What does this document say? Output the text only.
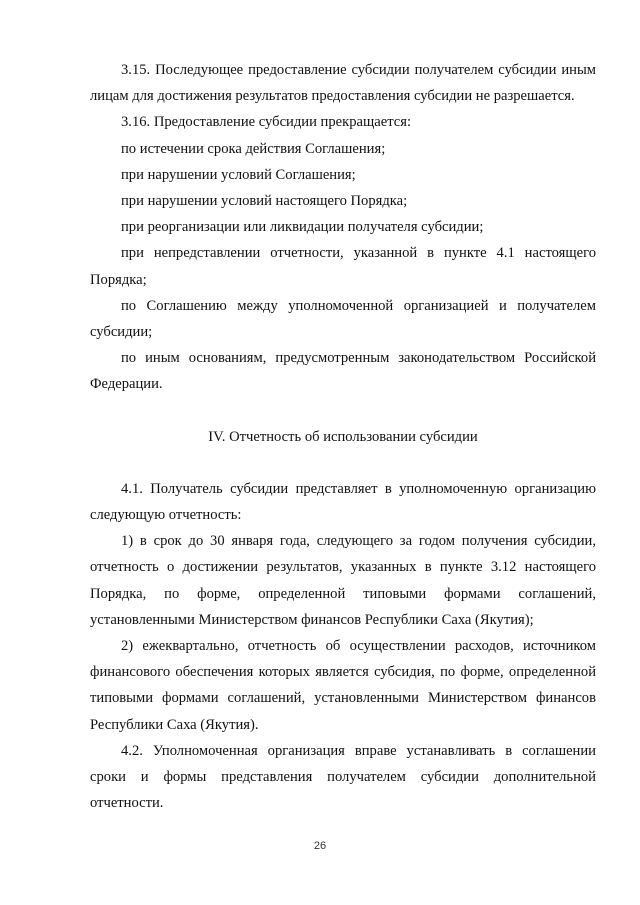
3.15. Последующее предоставление субсидии получателем субсидии иным лицам для достижения результатов предоставления субсидии не разрешается.

3.16. Предоставление субсидии прекращается:

по истечении срока действия Соглашения;

при нарушении условий Соглашения;

при нарушении условий настоящего Порядка;

при реорганизации или ликвидации получателя субсидии;

при непредставлении отчетности, указанной в пункте 4.1 настоящего Порядка;

по Соглашению между уполномоченной организацией и получателем субсидии;

по иным основаниям, предусмотренным законодательством Российской Федерации.

IV. Отчетность об использовании субсидии

4.1. Получатель субсидии представляет в уполномоченную организацию следующую отчетность:

1) в срок до 30 января года, следующего за годом получения субсидии, отчетность о достижении результатов, указанных в пункте 3.12 настоящего Порядка, по форме, определенной типовыми формами соглашений, установленными Министерством финансов Республики Саха (Якутия);

2) ежеквартально, отчетность об осуществлении расходов, источником финансового обеспечения которых является субсидия, по форме, определенной типовыми формами соглашений, установленными Министерством финансов Республики Саха (Якутия).

4.2. Уполномоченная организация вправе устанавливать в соглашении сроки и формы представления получателем субсидии дополнительной отчетности.

26
